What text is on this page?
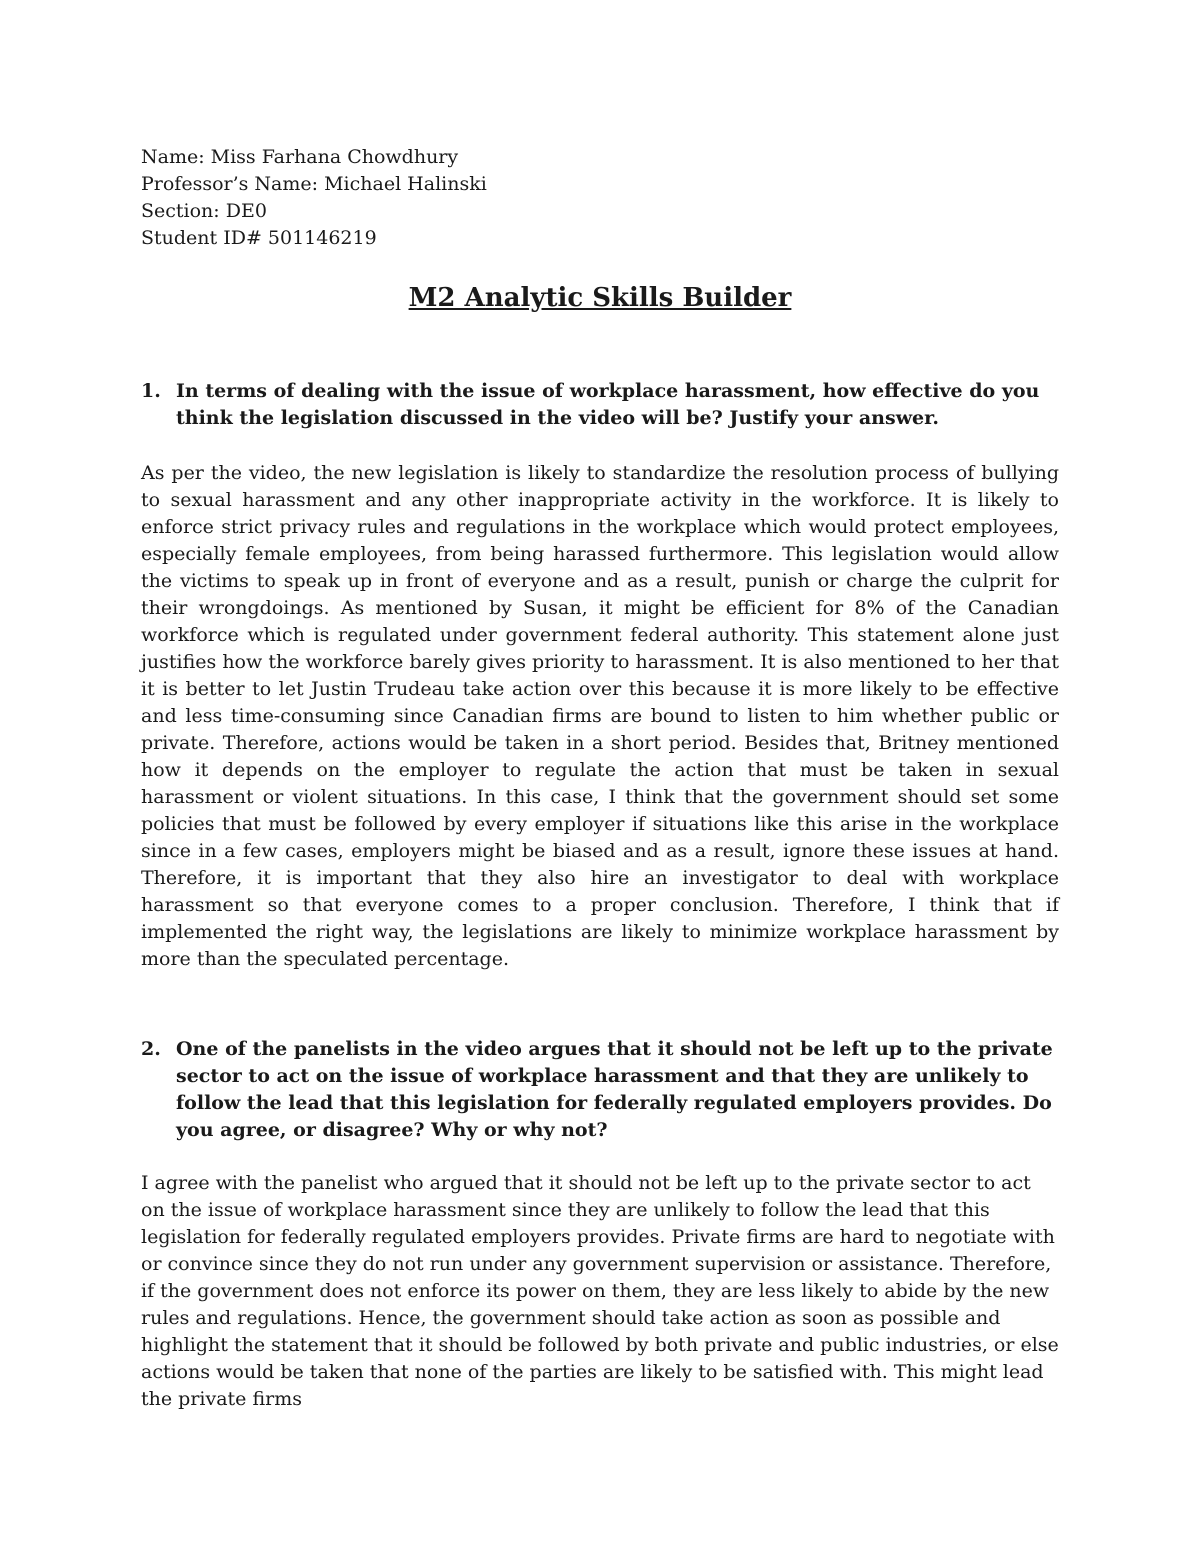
Name: Miss Farhana Chowdhury
Professor’s Name: Michael Halinski
Section: DE0
Student ID# 501146219
M2 Analytic Skills Builder
1. In terms of dealing with the issue of workplace harassment, how effective do you think the legislation discussed in the video will be? Justify your answer.
As per the video, the new legislation is likely to standardize the resolution process of bullying to sexual harassment and any other inappropriate activity in the workforce. It is likely to enforce strict privacy rules and regulations in the workplace which would protect employees, especially female employees, from being harassed furthermore. This legislation would allow the victims to speak up in front of everyone and as a result, punish or charge the culprit for their wrongdoings. As mentioned by Susan, it might be efficient for 8% of the Canadian workforce which is regulated under government federal authority. This statement alone just justifies how the workforce barely gives priority to harassment. It is also mentioned to her that it is better to let Justin Trudeau take action over this because it is more likely to be effective and less time-consuming since Canadian firms are bound to listen to him whether public or private. Therefore, actions would be taken in a short period. Besides that, Britney mentioned how it depends on the employer to regulate the action that must be taken in sexual harassment or violent situations. In this case, I think that the government should set some policies that must be followed by every employer if situations like this arise in the workplace since in a few cases, employers might be biased and as a result, ignore these issues at hand. Therefore, it is important that they also hire an investigator to deal with workplace harassment so that everyone comes to a proper conclusion. Therefore, I think that if implemented the right way, the legislations are likely to minimize workplace harassment by more than the speculated percentage.
2. One of the panelists in the video argues that it should not be left up to the private sector to act on the issue of workplace harassment and that they are unlikely to follow the lead that this legislation for federally regulated employers provides. Do you agree, or disagree? Why or why not?
I agree with the panelist who argued that it should not be left up to the private sector to act on the issue of workplace harassment since they are unlikely to follow the lead that this legislation for federally regulated employers provides. Private firms are hard to negotiate with or convince since they do not run under any government supervision or assistance. Therefore, if the government does not enforce its power on them, they are less likely to abide by the new rules and regulations. Hence, the government should take action as soon as possible and highlight the statement that it should be followed by both private and public industries, or else actions would be taken that none of the parties are likely to be satisfied with. This might lead the private firms
